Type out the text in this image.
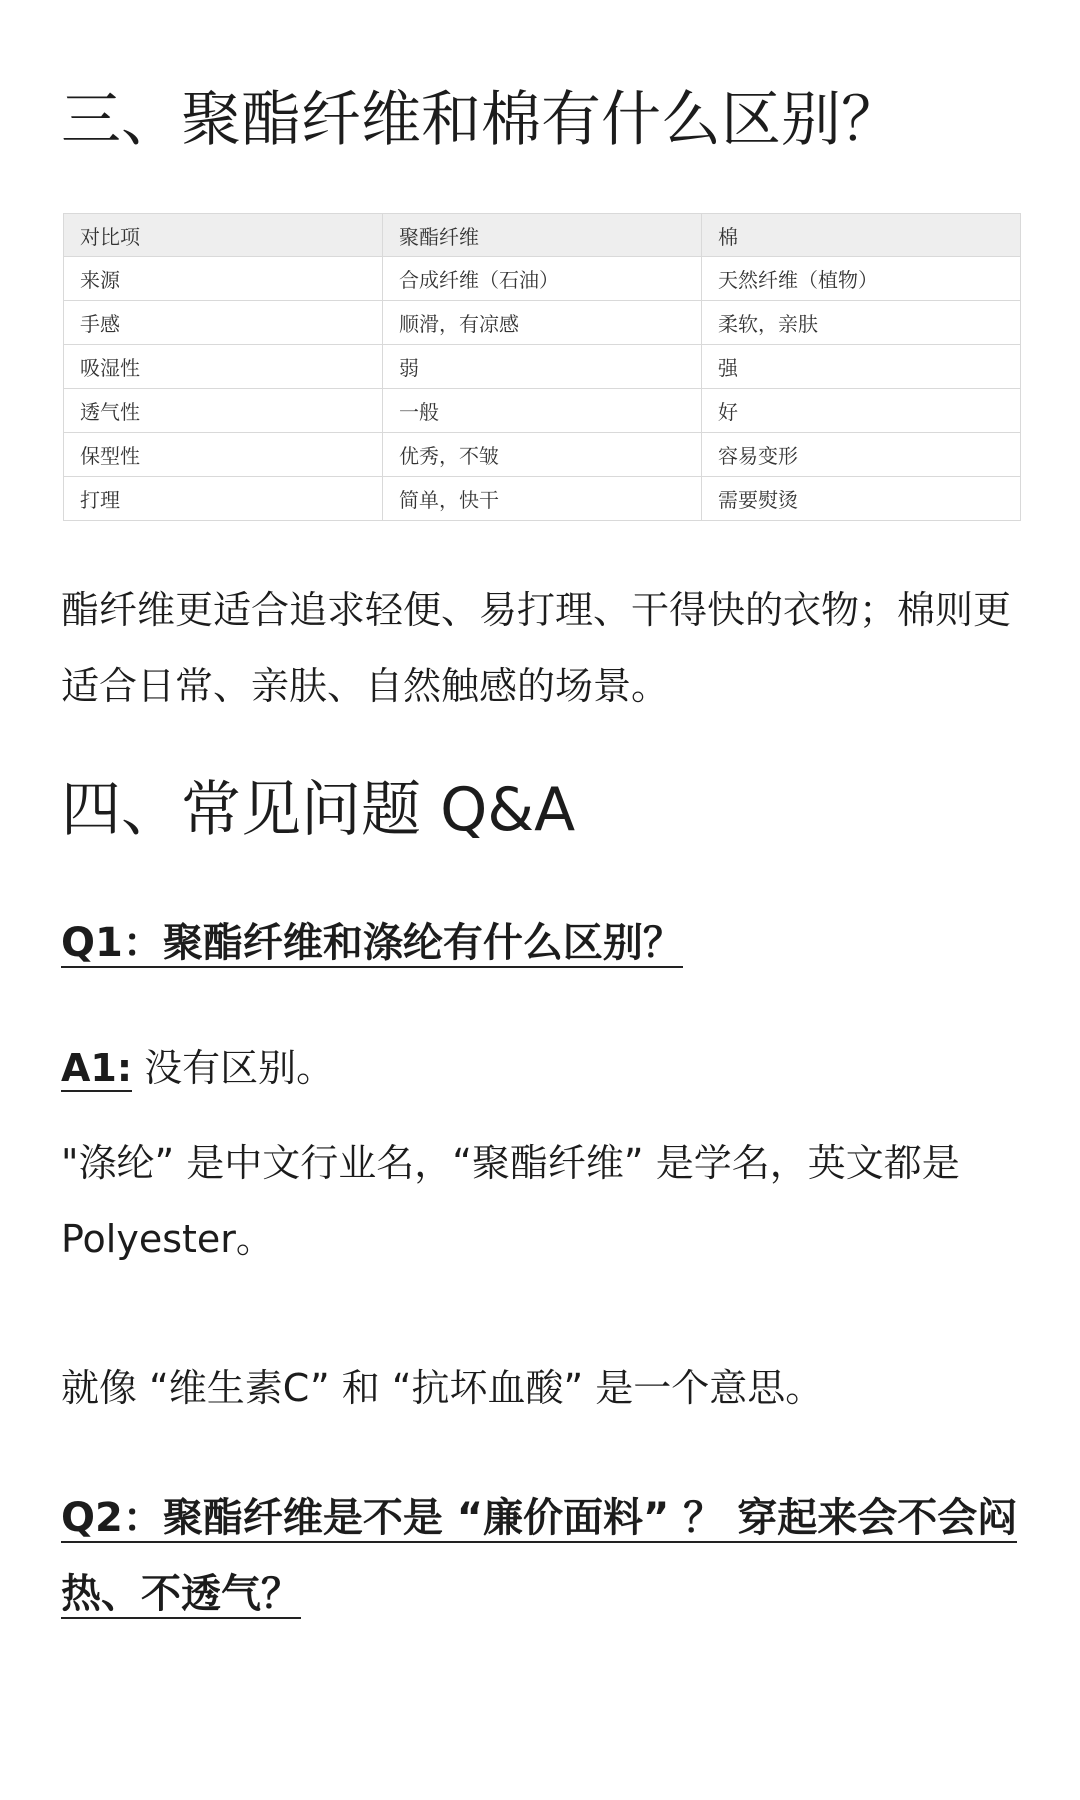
三、聚酯纤维和棉有什么区别？
对比项	聚酯纤维	棉
来源	合成纤维（石油）	天然纤维（植物）
手感	顺滑，有凉感	柔软，亲肤
吸湿性	弱	强
透气性	一般	好
保型性	优秀，不皱	容易变形
打理	简单，快干	需要熨烫

酯纤维更适合追求轻便、易打理、干得快的衣物；棉则更适合日常、亲肤、自然触感的场景。

四、常见问题 Q&A

Q1：聚酯纤维和涤纶有什么区别？

A1: 没有区别。

"涤纶” 是中文行业名，“聚酯纤维” 是学名，英文都是 Polyester。

就像 “维生素C” 和 “抗坏血酸” 是一个意思。

Q2：聚酯纤维是不是 “廉价面料” ？ 穿起来会不会闷热、不透气？
